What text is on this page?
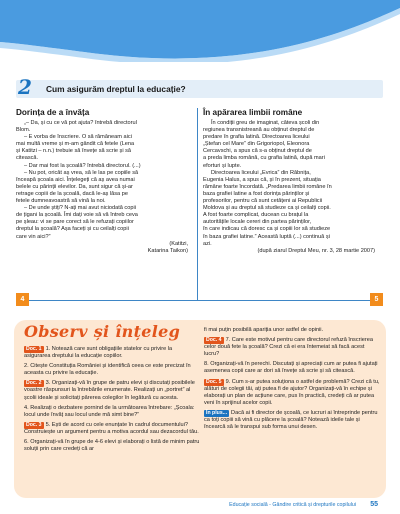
2 Cum asigurăm dreptul la educație?
Dorința de a învăța

„– Da, și cu ce vă pot ajuta? întrebă directorul

Blom.

– E vorba de înscriere. O să rămâneam aici

mai multă vreme și m-am gândit că fetele (Lena

și Katitzi – n.n.) trebuie să învețe să scrie și să

citească.

– Dar mai fost la școală? întrebă directorul. (...)

– Nu pot, oricât aș vrea, să le las pe copiile să

înceapă școala aici. Înțelegeți că aș avea numai

belele cu părinții elevilor. Da, sunt sigur că și-ar

retrage copiii de la școală, dacă le-aș lăsa pe

fetele dumneavoastră să vină la noi.

– De unde știți? N-ați mai avut niciodată copii

de țigani la școală. Îmi dați voie să vă întreb ceva

pe șleau: vi se pare corect să le refuzați copiilor

dreptul la școală? Așa faceți și cu ceilalți copii

care vin aici?”

(Katitzi,

Katarina Taikon)

În apărarea limbii române

În condiții greu de imaginat, câteva școli din

regiunea transnistreană au obținut dreptul de

predare în grafia latină. Directoarea liceului

„Ștefan cel Mare” din Grigoriopol, Eleonora

Cercavschi, a spus că s-a obținut dreptul de

a preda limba română, cu grafia latină, după mari

eforturi și lupte.

Directoarea liceului „Evrica” din Râbnița,

Eugenia Halus, a spus că, și în prezent, situația

rămâne foarte încordată. „Predarea limbii române în

baza grafiei latine a fost dorința părinților și

profesorilor, pentru că sunt cetățeni ai Republicii

Moldova și au dreptul să studieze ca și ceilalți copii.

A fost foarte complicat, ducean cu brațul la

autoritățile locale cereri din partea părinților,

în care indicau că doresc ca și copiii lor să studieze

în baza grafiei latine.” Această luptă (...) continuă și

azi.

(după ziarul Dreptul Meu, nr. 3, 28 martie 2007)

4	5
Observ și înțeleg

Doc. 1 1. Notează care sunt obligațiile statelor cu privire la asigurarea dreptului la educație copiilor.

2. Citește Constituția României și identifică ceea ce este precizat în aceasta cu privire la educație.

Doc. 2 3. Organizați-vă în grupe de patru elevi și discutați posibilele voastre răspunsuri la întrebările enumerate. Realizați un „portret” al școlii ideale și solicitați părerea colegilor în legătură cu acesta.

4. Realizați o dezbatere pornind de la următoarea întrebare: „Școala: locul unde învăț sau locul unde mă simt bine?”

Doc. 3 5. Ești de acord cu cele enunțate în cadrul documentului? Construiește un argument pentru a motiva acordul sau dezacordul tău.

6. Organizați-vă în grupe de 4-6 elevi și elaborați o listă de minim patru soluții prin care credeți că ar

fi mai puțin posibilă apariția unor astfel de opinii.

Doc. 4 7. Care este motivul pentru care directorul refuză înscrierea celor două fete la școală? Crezi că ei era întemeiat să facă acest lucru?

8. Organizați-vă în perechi. Discutați și apreciați cum ar putea fi ajutați asemenea copii care ar dori să învețe să scrie și să citească.

Doc. 5 9. Cum s-ar putea soluționa o astfel de problemă? Crezi că tu, alături de colegii tăi, ați putea fi de ajutor? Organizați-vă în echipe și elaborați un plan de acțiune care, pus în practică, credeți că ar putea veni în sprijinul acelor copii.

În plus... Dacă ai fi director de școală, ce lucruri ai întreprinde pentru ca toți copiii să vină cu plăcere la școală? Notează ideile tale și încearcă să le transpui sub forma unui desen.

Educație socială - Gândire critică și drepturile copilului 55
